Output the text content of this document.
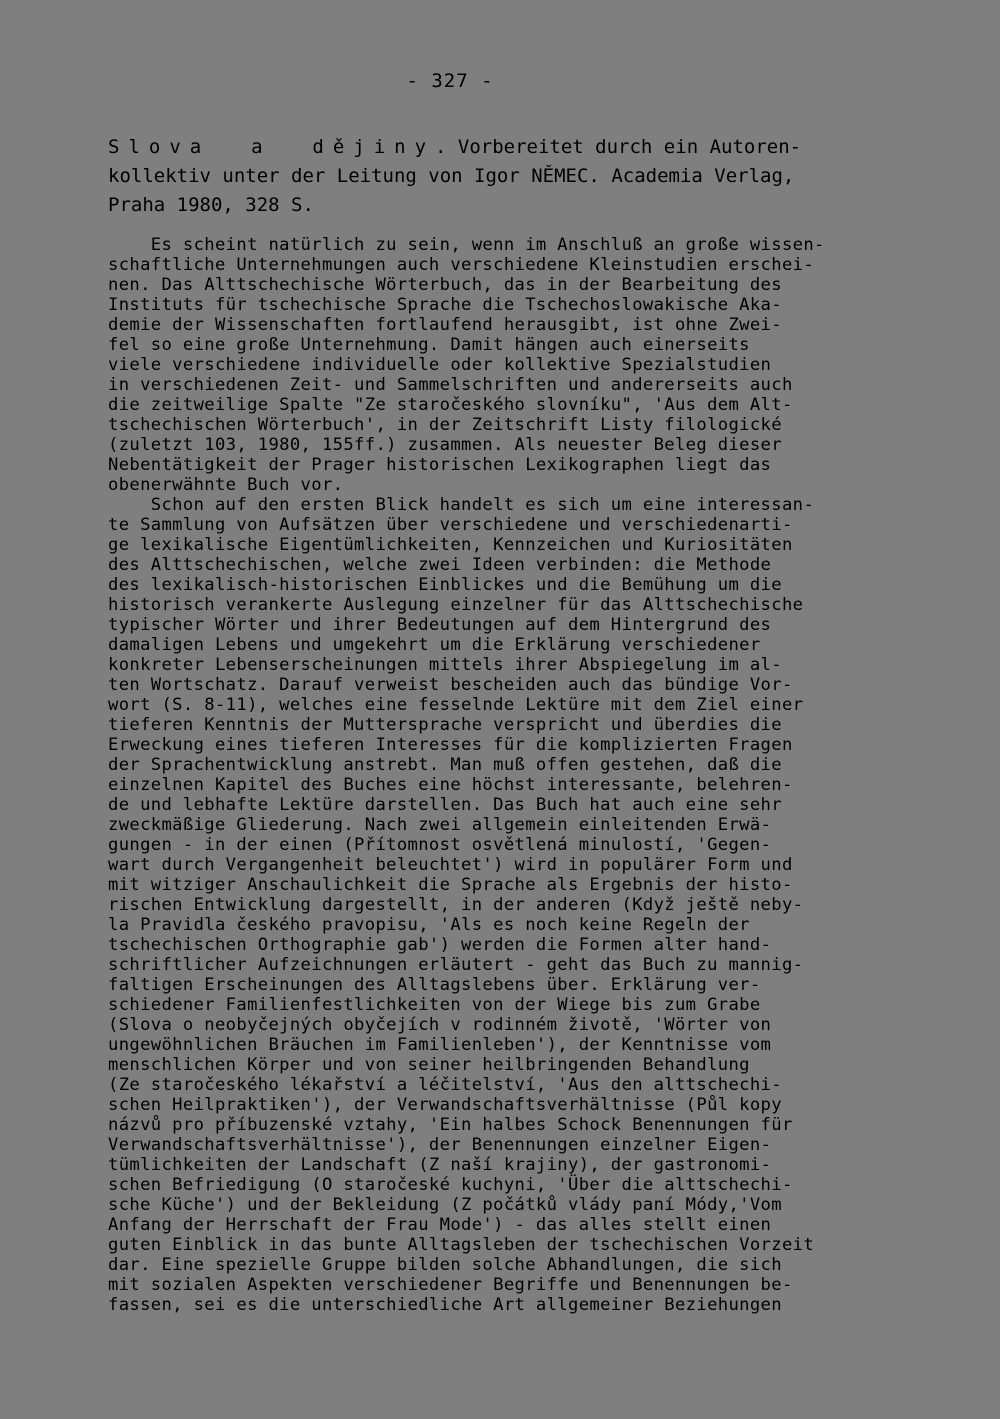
- 327 -
Slova  a  dějiny. Vorbereitet durch ein Autoren-
kollektiv unter der Leitung von Igor NĚMEC. Academia Verlag,
Praha 1980, 328 S.
Es scheint natürlich zu sein, wenn im Anschluß an große wissen-
schaftliche Unternehmungen auch verschiedene Kleinstudien erschei-
nen. Das Alttschechische Wörterbuch, das in der Bearbeitung des
Instituts für tschechische Sprache die Tschechoslowakische Aka-
demie der Wissenschaften fortlaufend herausgibt, ist ohne Zwei-
fel so eine große Unternehmung. Damit hängen auch einerseits
viele verschiedene individuelle oder kollektive Spezialstudien
in verschiedenen Zeit- und Sammelschriften und andererseits auch
die zeitweilige Spalte "Ze staročeského slovníku", 'Aus dem Alt-
tschechischen Wörterbuch', in der Zeitschrift Listy filologické
(zuletzt 103, 1980, 155ff.) zusammen. Als neuester Beleg dieser
Nebentätigkeit der Prager historischen Lexikographen liegt das
obenerwähnte Buch vor.
Schon auf den ersten Blick handelt es sich um eine interessan-
te Sammlung von Aufsätzen über verschiedene und verschiedenarti-
ge lexikalische Eigentümlichkeiten, Kennzeichen und Kuriositäten
des Alttschechischen, welche zwei Ideen verbinden: die Methode
des lexikalisch-historischen Einblickes und die Bemühung um die
historisch verankerte Auslegung einzelner für das Alttschechische
typischer Wörter und ihrer Bedeutungen auf dem Hintergrund des
damaligen Lebens und umgekehrt um die Erklärung verschiedener
konkreter Lebenserscheinungen mittels ihrer Abspiegelung im al-
ten Wortschatz. Darauf verweist bescheiden auch das bündige Vor-
wort (S. 8-11), welches eine fesselnde Lektüre mit dem Ziel einer
tieferen Kenntnis der Muttersprache verspricht und überdies die
Erweckung eines tieferen Interesses für die komplizierten Fragen
der Sprachentwicklung anstrebt. Man muß offen gestehen, daß die
einzelnen Kapitel des Buches eine höchst interessante, belehren-
de und lebhafte Lektüre darstellen. Das Buch hat auch eine sehr
zweckmäßige Gliederung. Nach zwei allgemein einleitenden Erwä-
gungen - in der einen (Přítomnost osvětlená minulostí, 'Gegen-
wart durch Vergangenheit beleuchtet') wird in populärer Form und
mit witziger Anschaulichkeit die Sprache als Ergebnis der histo-
rischen Entwicklung dargestellt, in der anderen (Když ještě neby-
la Pravidla českého pravopisu, 'Als es noch keine Regeln der
tschechischen Orthographie gab') werden die Formen alter hand-
schriftlicher Aufzeichnungen erläutert - geht das Buch zu mannig-
faltigen Erscheinungen des Alltagslebens über. Erklärung ver-
schiedener Familienfestlichkeiten von der Wiege bis zum Grabe
(Slova o neobyčejných obyčejích v rodinném životě, 'Wörter von
ungewöhnlichen Bräuchen im Familienleben'), der Kenntnisse vom
menschlichen Körper und von seiner heilbringenden Behandlung
(Ze staročeského lékařství a léčitelství, 'Aus den alttschechi-
schen Heilpraktiken'), der Verwandschaftsverhältnisse (Půl kopy
názvů pro příbuzenské vztahy, 'Ein halbes Schock Benennungen für
Verwandschaftsverhältnisse'), der Benennungen einzelner Eigen-
tümlichkeiten der Landschaft (Z naší krajiny), der gastronomi-
schen Befriedigung (O staročeské kuchyni, 'Über die alttschechi-
sche Küche') und der Bekleidung (Z počátků vlády paní Módy,'Vom
Anfang der Herrschaft der Frau Mode') - das alles stellt einen
guten Einblick in das bunte Alltagsleben der tschechischen Vorzeit
dar. Eine spezielle Gruppe bilden solche Abhandlungen, die sich
mit sozialen Aspekten verschiedener Begriffe und Benennungen be-
fassen, sei es die unterschiedliche Art allgemeiner Beziehungen
